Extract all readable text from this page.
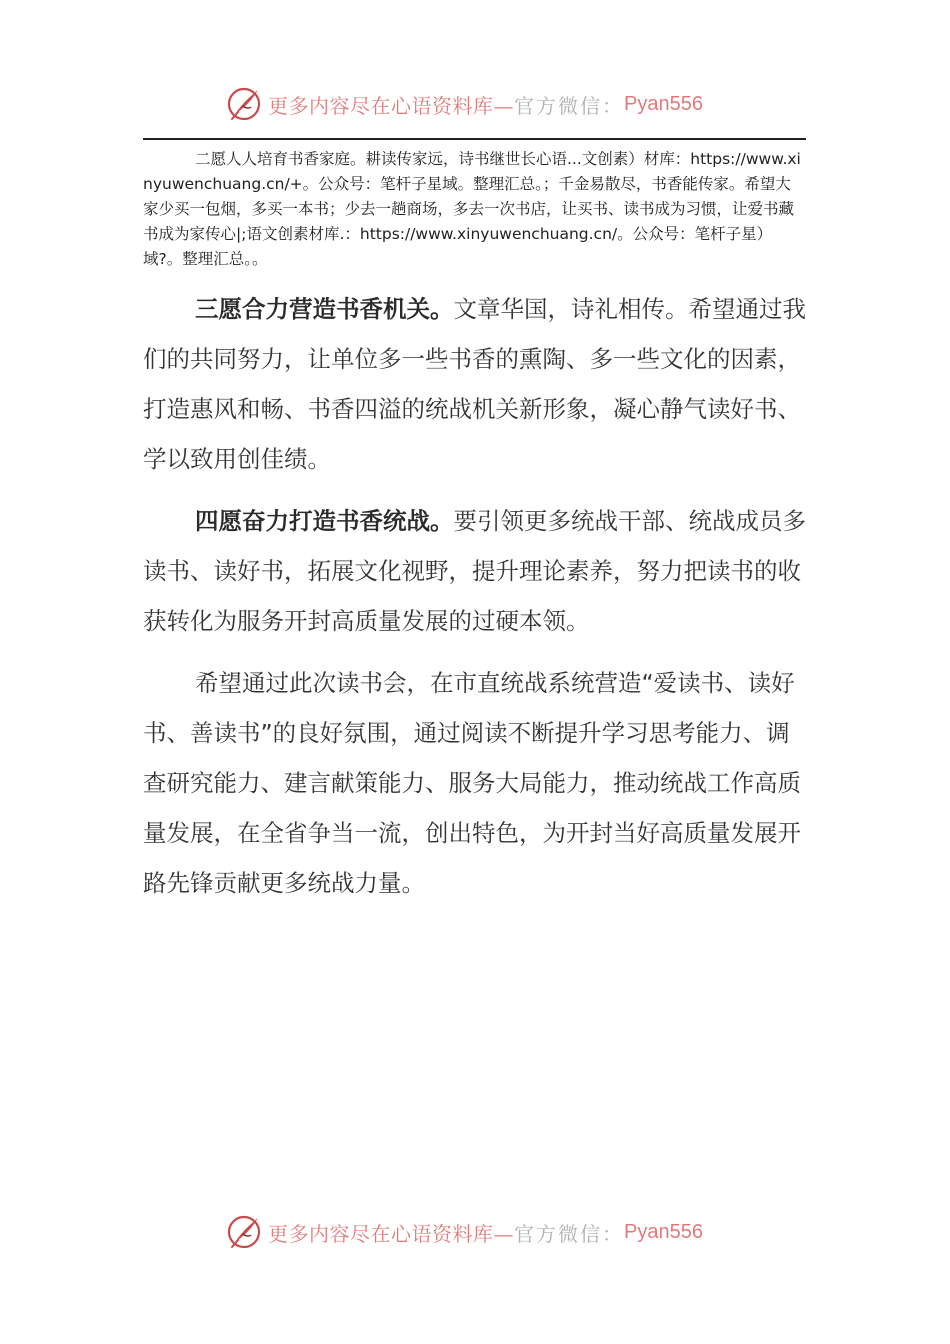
更多内容尽在心语资料库— 官方微信： Pyan556

二愿人人培育书香家庭。耕读传家远，诗书继世长心语...文创素）材库：https://www.xinyuwenchuang.cn/+。公众号：笔杆子星域。整理汇总。；千金易散尽，书香能传家。希望大家少买一包烟，多买一本书；少去一趟商场，多去一次书店，让买书、读书成为习惯，让爱书藏书成为家传心|;语文创素材库.：https://www.xinyuwenchuang.cn/。公众号：笔杆子星）域?。整理汇总。。

三愿合力营造书香机关。文章华国，诗礼相传。希望通过我们的共同努力，让单位多一些书香的熏陶、多一些文化的因素，打造惠风和畅、书香四溢的统战机关新形象，凝心静气读好书、学以致用创佳绩。

四愿奋力打造书香统战。要引领更多统战干部、统战成员多读书、读好书，拓展文化视野，提升理论素养，努力把读书的收获转化为服务开封高质量发展的过硬本领。

希望通过此次读书会，在市直统战系统营造“爱读书、读好书、善读书”的良好氛围，通过阅读不断提升学习思考能力、调查研究能力、建言献策能力、服务大局能力，推动统战工作高质量发展，在全省争当一流，创出特色，为开封当好高质量发展开路先锋贡献更多统战力量。

更多内容尽在心语资料库— 官方微信： Pyan556
